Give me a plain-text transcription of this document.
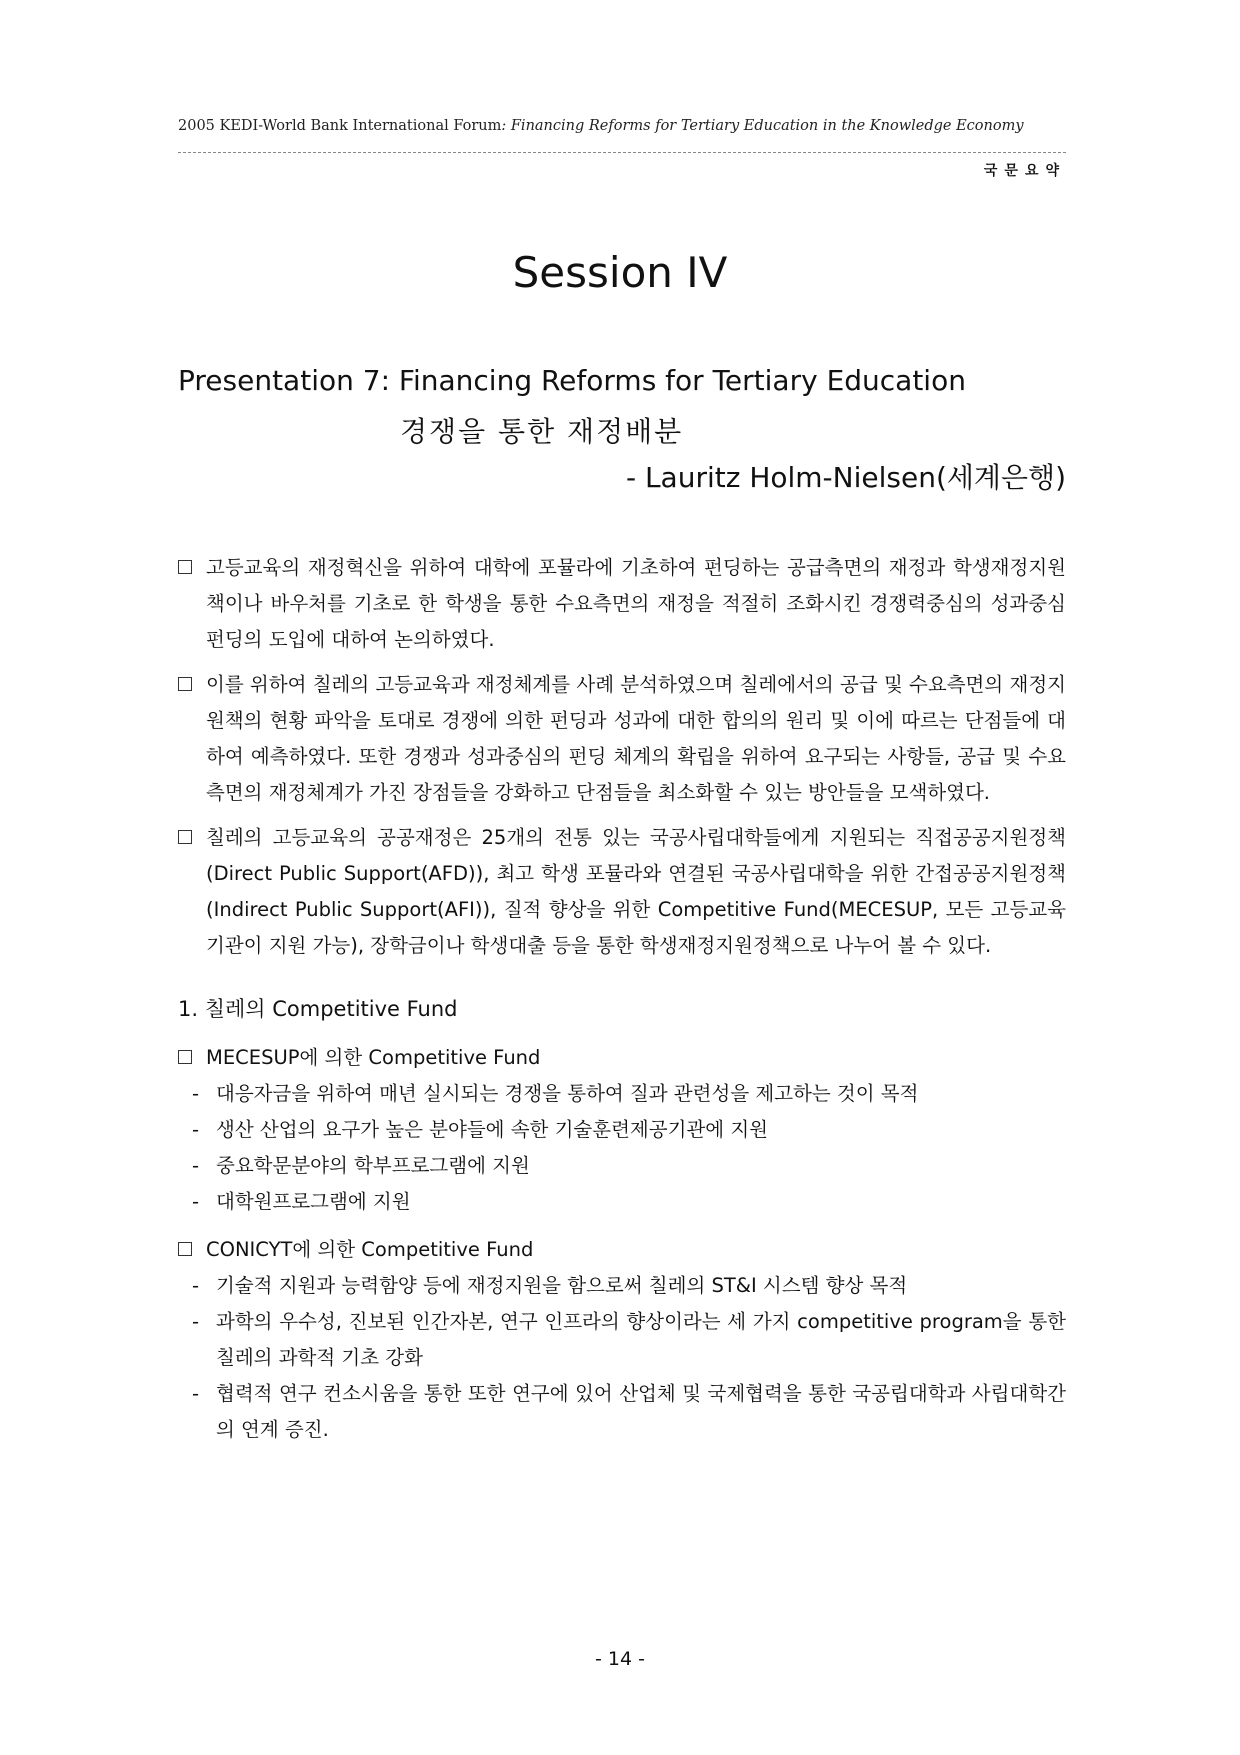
2005 KEDI-World Bank International Forum: Financing Reforms for Tertiary Education in the Knowledge Economy
국문요약
Session IV
Presentation 7: Financing Reforms for Tertiary Education
경쟁을 통한 재정배분
- Lauritz Holm-Nielsen(세계은행)
고등교육의 재정혁신을 위하여 대학에 포뮬라에 기초하여 펀딩하는 공급측면의 재정과 학생재정지원책이나 바우처를 기초로 한 학생을 통한 수요측면의 재정을 적절히 조화시킨 경쟁력중심의 성과중심 펀딩의 도입에 대하여 논의하였다.
이를 위하여 칠레의 고등교육과 재정체계를 사례 분석하였으며 칠레에서의 공급 및 수요측면의 재정지원책의 현황 파악을 토대로 경쟁에 의한 펀딩과 성과에 대한 합의의 원리 및 이에 따르는 단점들에 대하여 예측하였다. 또한 경쟁과 성과중심의 펀딩 체계의 확립을 위하여 요구되는 사항들, 공급 및 수요측면의 재정체계가 가진 장점들을 강화하고 단점들을 최소화할 수 있는 방안들을 모색하였다.
칠레의 고등교육의 공공재정은 25개의 전통 있는 국공사립대학들에게 지원되는 직접공공지원정책(Direct Public Support(AFD)), 최고 학생 포뮬라와 연결된 국공사립대학을 위한 간접공공지원정책(Indirect Public Support(AFI)), 질적 향상을 위한 Competitive Fund(MECESUP, 모든 고등교육기관이 지원 가능), 장학금이나 학생대출 등을 통한 학생재정지원정책으로 나누어 볼 수 있다.
1. 칠레의 Competitive Fund
MECESUP에 의한 Competitive Fund
- 대응자금을 위하여 매년 실시되는 경쟁을 통하여 질과 관련성을 제고하는 것이 목적
- 생산 산업의 요구가 높은 분야들에 속한 기술훈련제공기관에 지원
- 중요학문분야의 학부프로그램에 지원
- 대학원프로그램에 지원
CONICYT에 의한 Competitive Fund
- 기술적 지원과 능력함양 등에 재정지원을 함으로써 칠레의 ST&I 시스템 향상 목적
- 과학의 우수성, 진보된 인간자본, 연구 인프라의 향상이라는 세 가지 competitive program을 통한 칠레의 과학적 기초 강화
- 협력적 연구 컨소시움을 통한 또한 연구에 있어 산업체 및 국제협력을 통한 국공립대학과 사립대학간의 연계 증진.
- 14 -
